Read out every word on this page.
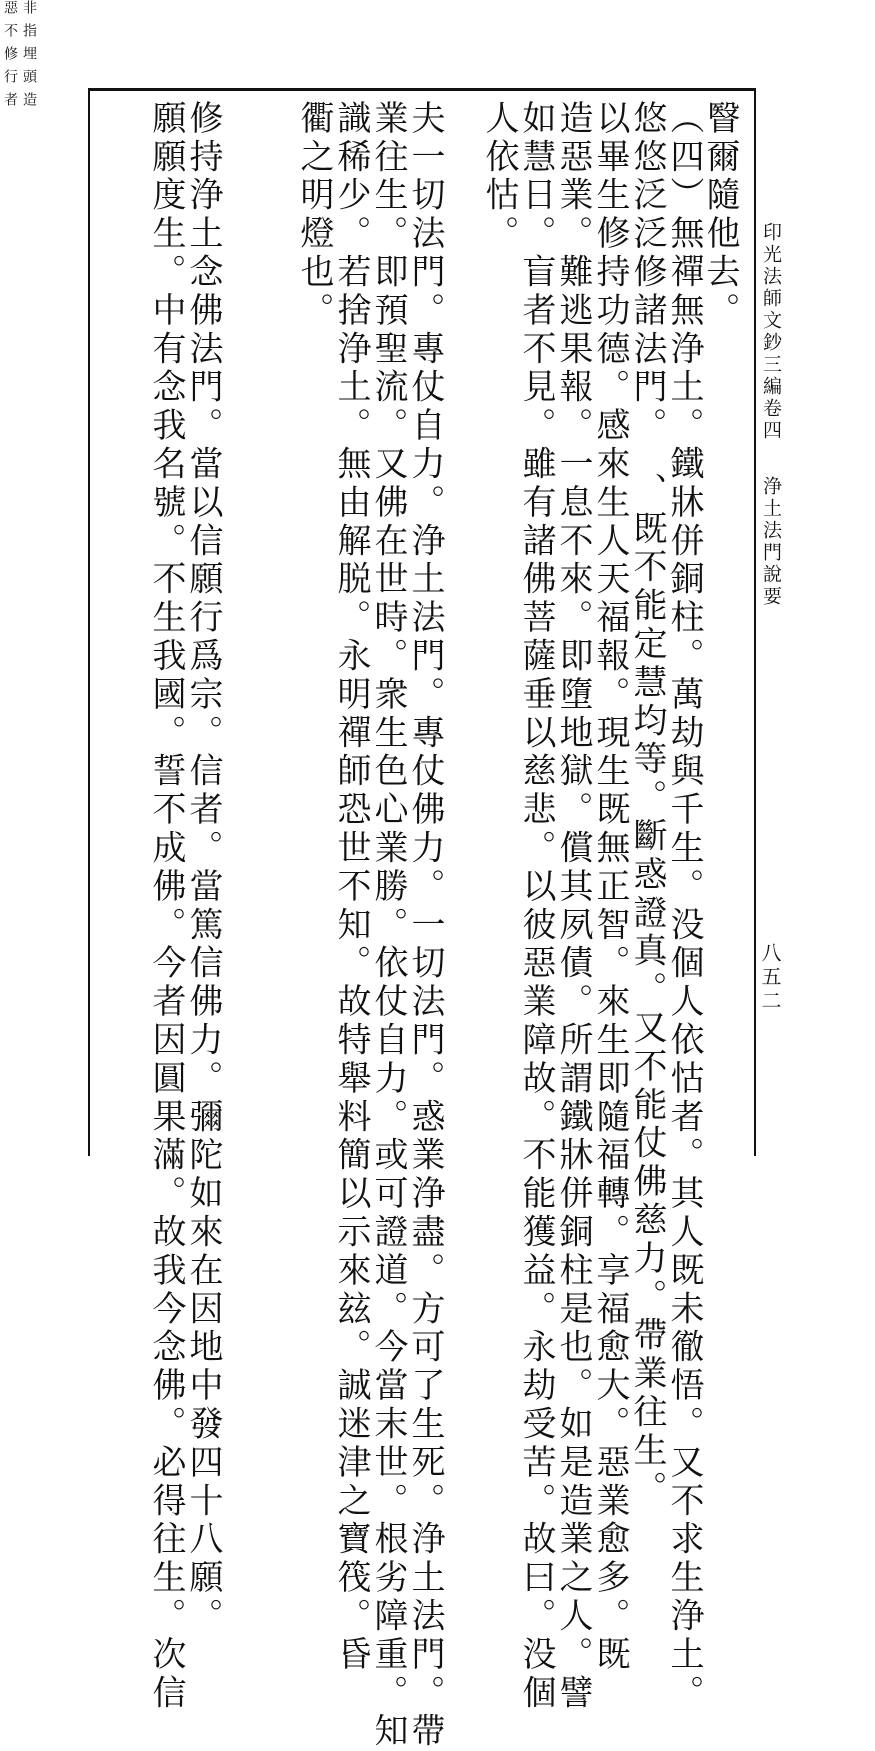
印光法師文鈔三編卷四
浄土法門說要
八五二
瞖爾隨他去。
（四）無禪無浄土。鐵牀併銅柱。萬劫與千生。没個人依怙者。其人既未徹悟。又不求生浄土。
悠悠泛泛修諸法門。
非指埋頭造
惡不修行者
、既不能定慧均等。斷惑證真。又不能仗佛慈力。帶業往生。
以畢生修持功德。感來生人天福報。現生既無正智。來生即隨福轉。享福愈大。惡業愈多。既
造惡業。難逃果報。一息不來。即墮地獄。償其夙債。所謂鐵牀併銅柱是也。如是造業之人。譬
如慧日。盲者不見。雖有諸佛菩薩垂以慈悲。以彼惡業障故。不能獲益。永劫受苦。故曰。没個
人依怙。
夫一切法門。專仗自力。浄土法門。專仗佛力。一切法門。惑業浄盡。方可了生死。浄土法門。帶
業往生。即預聖流。又佛在世時。衆生色心業勝。依仗自力。或可證道。今當末世。根劣障重。知
識稀少。若捨浄土。無由解脱。永明禪師恐世不知。故特舉料簡以示來玆。誠迷津之寶筏。昏
衢之明燈也。
修持浄土念佛法門。當以信願行爲宗。信者。當篤信佛力。彌陀如來在因地中發四十八願。
願願度生。中有念我名號。不生我國。誓不成佛。今者因圓果滿。故我今念佛。必得往生。次信
